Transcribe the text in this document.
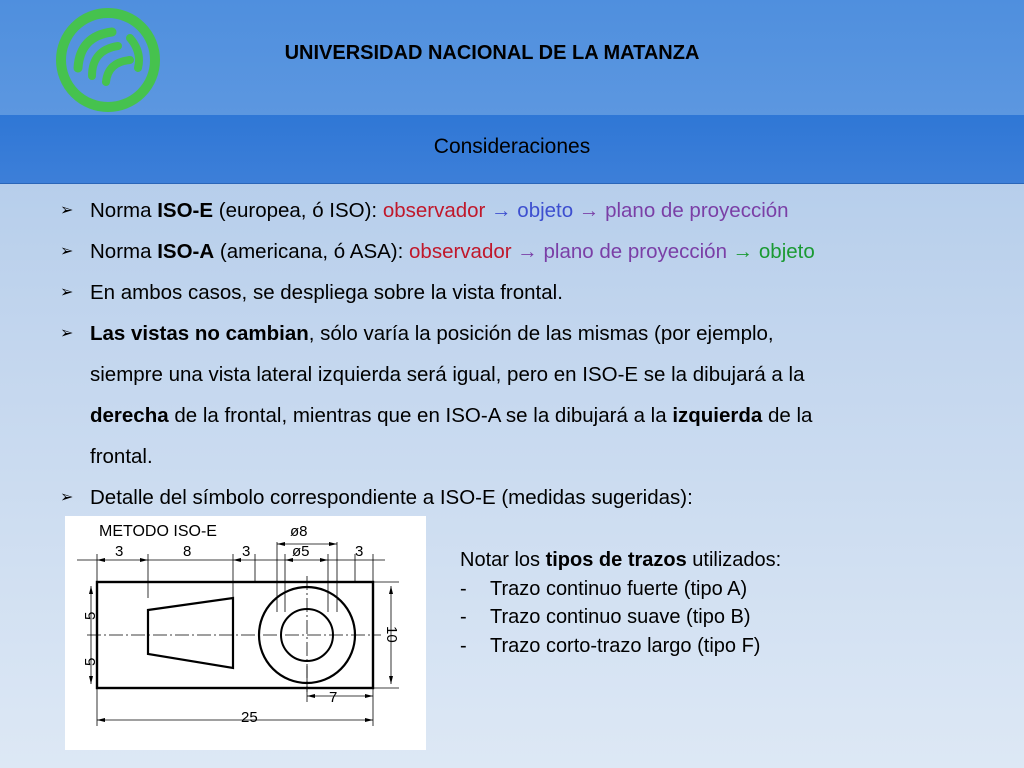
UNIVERSIDAD NACIONAL DE LA MATANZA
Consideraciones
➢ Norma ISO-E (europea, ó ISO): observador → objeto → plano de proyección
➢ Norma ISO-A (americana, ó ASA): observador → plano de proyección → objeto
➢ En ambos casos, se despliega sobre la vista frontal.
➢ Las vistas no cambian, sólo varía la posición de las mismas (por ejemplo,
siempre una vista lateral izquierda será igual, pero en ISO-E se la dibujará a la
derecha de la frontal, mientras que en ISO-A se la dibujará a la izquierda de la
frontal.
➢ Detalle del símbolo correspondiente a ISO-E (medidas sugeridas):
METODO ISO-E
3	8	3
ø8
ø5	3
5
5
10
7
25
Notar los tipos de trazos utilizados:
- Trazo continuo fuerte (tipo A)
- Trazo continuo suave (tipo B)
- Trazo corto-trazo largo (tipo F)
